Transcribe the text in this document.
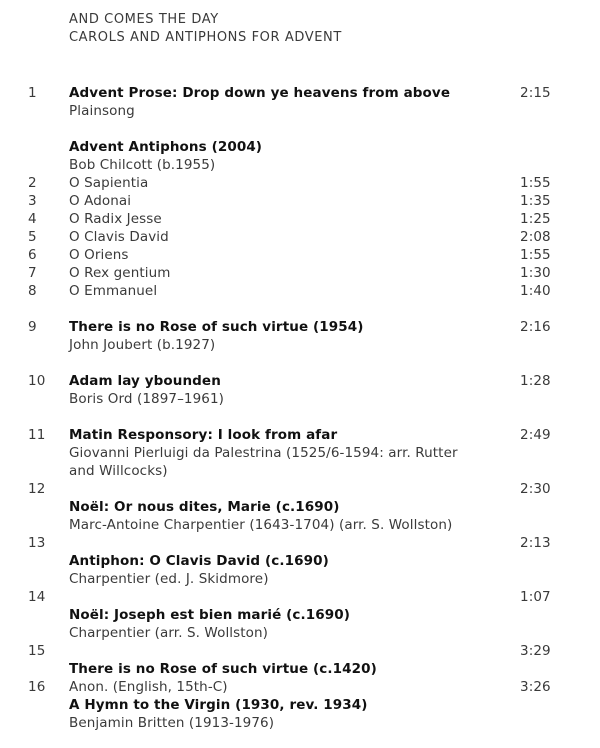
AND COMES THE DAY
CAROLS AND ANTIPHONS FOR ADVENT
1	Advent Prose: Drop down ye heavens from above	2:15
Plainsong
Advent Antiphons (2004)
Bob Chilcott (b.1955)
2	O Sapientia	1:55
3	O Adonai	1:35
4	O Radix Jesse	1:25
5	O Clavis David	2:08
6	O Oriens	1:55
7	O Rex gentium	1:30
8	O Emmanuel	1:40
9	There is no Rose of such virtue (1954)	2:16
John Joubert (b.1927)
10 Adam lay ybounden	1:28
Boris Ord (1897–1961)
11 Matin Responsory: I look from afar	2:49
Giovanni Pierluigi da Palestrina (1525/6-1594: arr. Rutter
and Willcocks)
12	2:30
Noël: Or nous dites, Marie (c.1690)
Marc-Antoine Charpentier (1643-1704) (arr. S. Wollston)
13	2:13
Antiphon: O Clavis David (c.1690)
Charpentier (ed. J. Skidmore)
14	1:07
Noël: Joseph est bien marié (c.1690)
Charpentier (arr. S. Wollston)
15	3:29
There is no Rose of such virtue (c.1420)
16 Anon. (English, 15th-C)	3:26
A Hymn to the Virgin (1930, rev. 1934)
Benjamin Britten (1913-1976)
